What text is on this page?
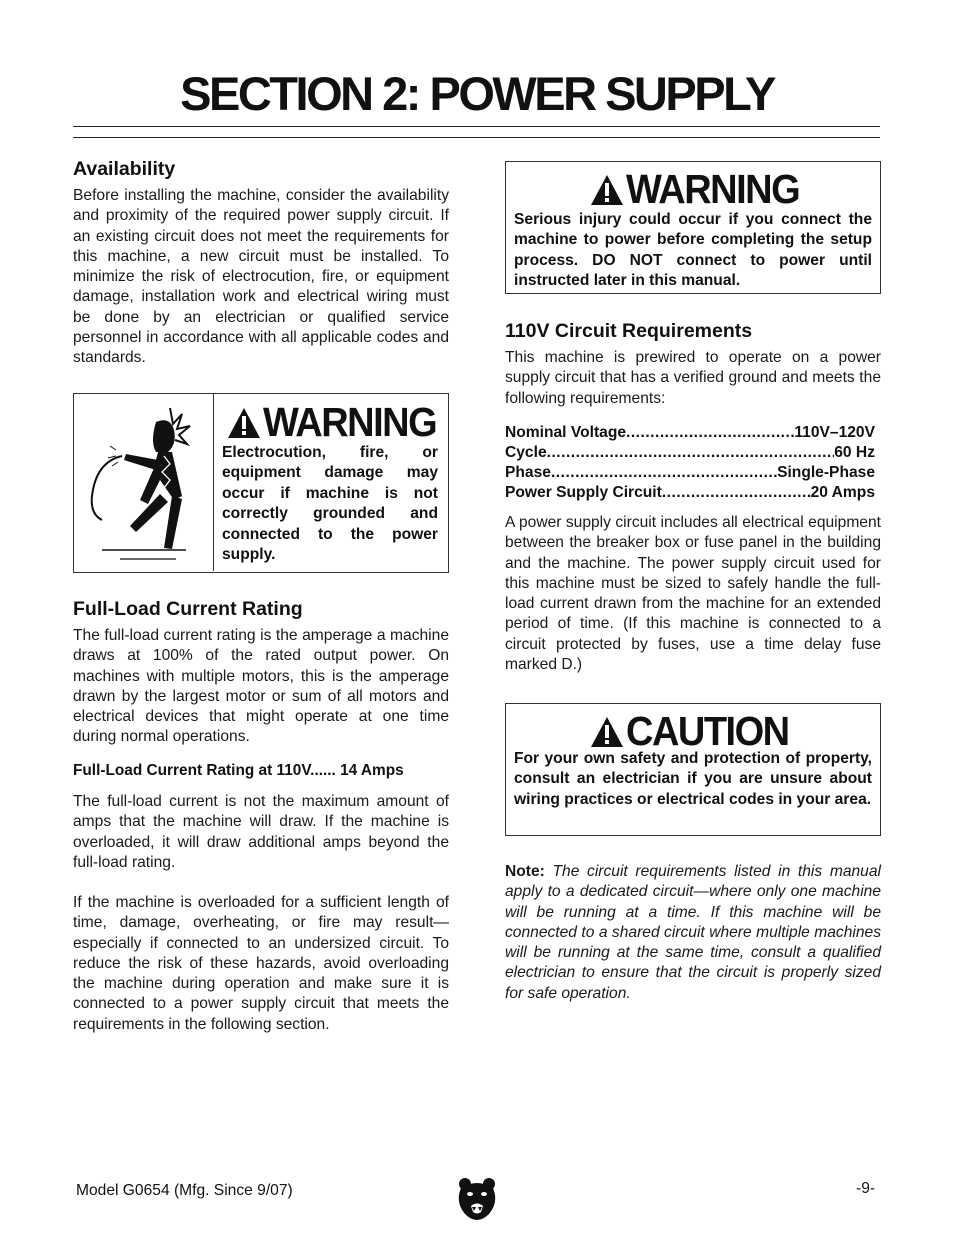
SECTION 2: POWER SUPPLY
Availability

Before installing the machine, consider the availability and proximity of the required power supply circuit. If an existing circuit does not meet the requirements for this machine, a new circuit must be installed. To minimize the risk of electrocution, fire, or equipment damage, installation work and electrical wiring must be done by an electrician or qualified service personnel in accordance with all applicable codes and standards.

WARNING
Electrocution, fire, or equipment damage may occur if machine is not correctly grounded and connected to the power supply.
Full-Load Current Rating
The full-load current rating is the amperage a machine draws at 100% of the rated output power. On machines with multiple motors, this is the amperage drawn by the largest motor or sum of all motors and electrical devices that might operate at one time during normal operations.
Full-Load Current Rating at 110V...... 14 Amps
The full-load current is not the maximum amount of amps that the machine will draw. If the machine is overloaded, it will draw additional amps beyond the full-load rating.
If the machine is overloaded for a sufficient length of time, damage, overheating, or fire may result—especially if connected to an undersized circuit. To reduce the risk of these hazards, avoid overloading the machine during operation and make sure it is connected to a power supply circuit that meets the requirements in the following section.
WARNING
Serious injury could occur if you connect the machine to power before completing the setup process. DO NOT connect to power until instructed later in this manual.
110V Circuit Requirements
This machine is prewired to operate on a power supply circuit that has a verified ground and meets the following requirements:
Nominal Voltage .....	110V–120V
Cycle .....	60 Hz
Phase .....	Single-Phase
Power Supply Circuit .....	20 Amps
A power supply circuit includes all electrical equipment between the breaker box or fuse panel in the building and the machine. The power supply circuit used for this machine must be sized to safely handle the full-load current drawn from the machine for an extended period of time. (If this machine is connected to a circuit protected by fuses, use a time delay fuse marked D.)
CAUTION
For your own safety and protection of property, consult an electrician if you are unsure about wiring practices or electrical codes in your area.
Note: The circuit requirements listed in this manual apply to a dedicated circuit—where only one machine will be running at a time. If this machine will be connected to a shared circuit where multiple machines will be running at the same time, consult a qualified electrician to ensure that the circuit is properly sized for safe operation.
Model G0654 (Mfg. Since 9/07)	-9-
